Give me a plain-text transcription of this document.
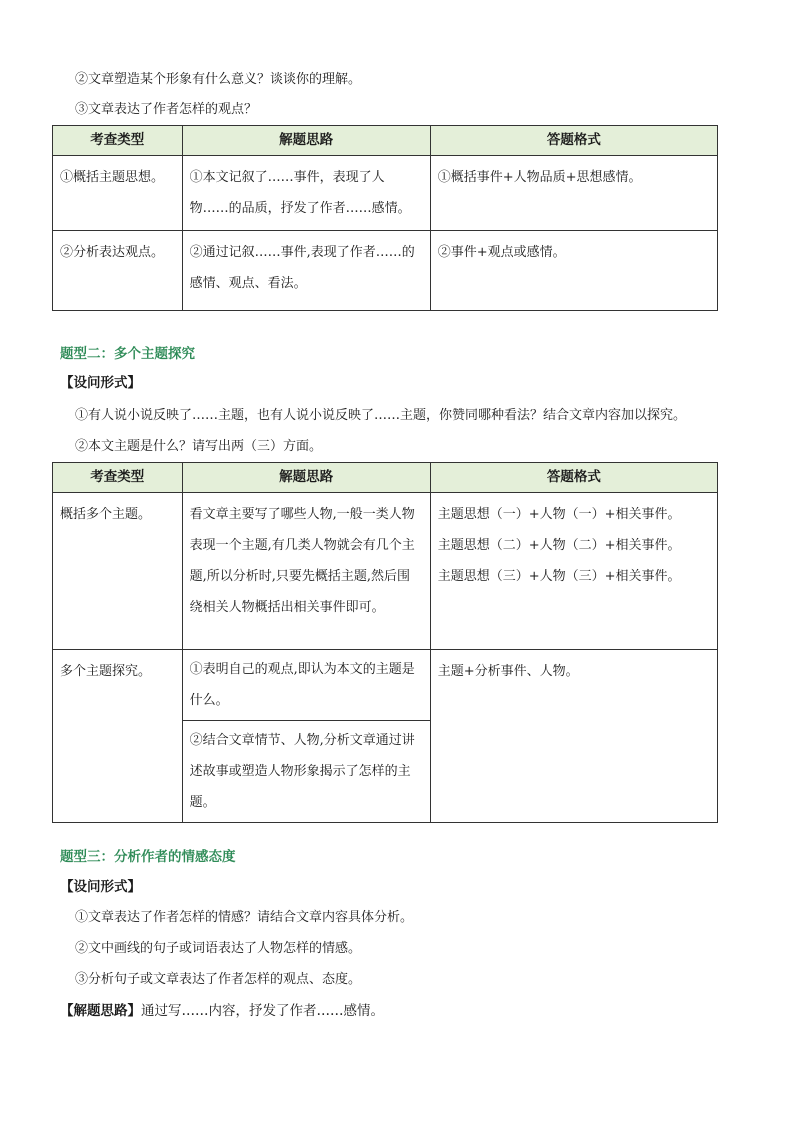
②文章塑造某个形象有什么意义？谈谈你的理解。
③文章表达了作者怎样的观点？
考查类型	解题思路	答题格式

①概括主题思想。	①本文记叙了……事件，表现了人物……的品质，抒发了作者……感情。	①概括事件+人物品质+思想感情。

②分析表达观点。	②通过记叙……事件,表现了作者……的感情、观点、看法。	②事件+观点或感情。
题型二：多个主题探究
【设问形式】
①有人说小说反映了……主题，也有人说小说反映了……主题，你赞同哪种看法？结合文章内容加以探究。
②本文主题是什么？请写出两（三）方面。
考查类型	解题思路	答题格式

概括多个主题。	看文章主要写了哪些人物,一般一类人物表现一个主题,有几类人物就会有几个主题,所以分析时,只要先概括主题,然后围绕相关人物概括出相关事件即可。	主题思想（一）+人物（一）+相关事件。
主题思想（二）+人物（二）+相关事件。
主题思想（三）+人物（三）+相关事件。

多个主题探究。	①表明自己的观点,即认为本文的主题是什么。	主题+分析事件、人物。

	②结合文章情节、人物,分析文章通过讲述故事或塑造人物形象揭示了怎样的主题。	
题型三：分析作者的情感态度
【设问形式】
①文章表达了作者怎样的情感？请结合文章内容具体分析。
②文中画线的句子或词语表达了人物怎样的情感。
③分析句子或文章表达了作者怎样的观点、态度。
【解题思路】通过写……内容，抒发了作者……感情。
